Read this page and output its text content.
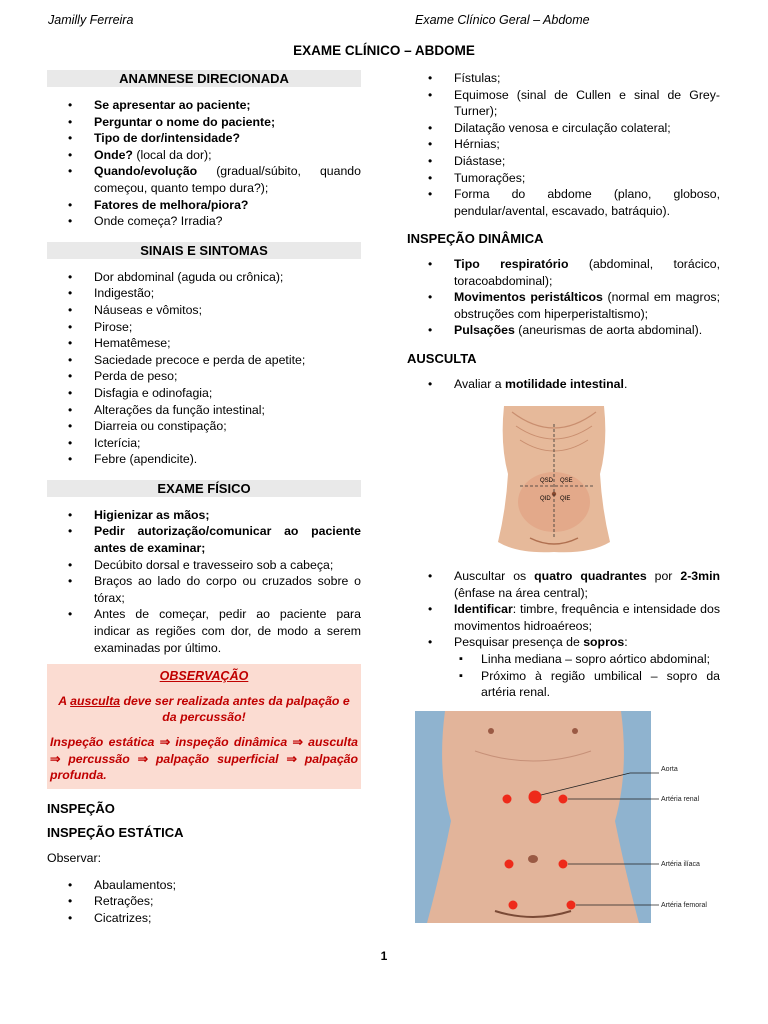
Jamilly Ferreira	Exame Clínico Geral – Abdome
EXAME CLÍNICO – ABDOME
ANAMNESE DIRECIONADA
• Se apresentar ao paciente;
• Perguntar o nome do paciente;
• Tipo de dor/intensidade?
• Onde? (local da dor);
• Quando/evolução (gradual/súbito, quando começou, quanto tempo dura?);
• Fatores de melhora/piora?
• Onde começa? Irradia?
SINAIS E SINTOMAS
• Dor abdominal (aguda ou crônica);
• Indigestão;
• Náuseas e vômitos;
• Pirose;
• Hematêmese;
• Saciedade precoce e perda de apetite;
• Perda de peso;
• Disfagia e odinofagia;
• Alterações da função intestinal;
• Diarreia ou constipação;
• Icterícia;
• Febre (apendicite).
EXAME FÍSICO
• Higienizar as mãos;
• Pedir autorização/comunicar ao paciente antes de examinar;
• Decúbito dorsal e travesseiro sob a cabeça;
• Braços ao lado do corpo ou cruzados sobre o tórax;
• Antes de começar, pedir ao paciente para indicar as regiões com dor, de modo a serem examinadas por último.
OBSERVAÇÃO
A ausculta deve ser realizada antes da palpação e da percussão!
Inspeção estática ⇒ inspeção dinâmica ⇒ ausculta ⇒ percussão ⇒ palpação superficial ⇒ palpação profunda.
INSPEÇÃO
INSPEÇÃO ESTÁTICA
Observar:
• Abaulamentos;
• Retrações;
• Cicatrizes;
• Fístulas;
• Equimose (sinal de Cullen e sinal de Grey-Turner);
• Dilatação venosa e circulação colateral;
• Hérnias;
• Diástase;
• Tumorações;
• Forma do abdome (plano, globoso, pendular/avental, escavado, batráquio).
INSPEÇÃO DINÂMICA
• Tipo respiratório (abdominal, torácico, toracoabdominal);
• Movimentos peristálticos (normal em magros; obstruções com hiperperistaltismo);
• Pulsações (aneurismas de aorta abdominal).
AUSCULTA
• Avaliar a motilidade intestinal.
QSD QSE
QID QIE
• Auscultar os quatro quadrantes por 2-3min (ênfase na área central);
• Identificar: timbre, frequência e intensidade dos movimentos hidroaéreos;
• Pesquisar presença de sopros:
▪ Linha mediana – sopro aórtico abdominal;
▪ Próximo à região umbilical – sopro da artéria renal.
Aorta
Artéria renal
Artéria ilíaca
Artéria femoral
1
